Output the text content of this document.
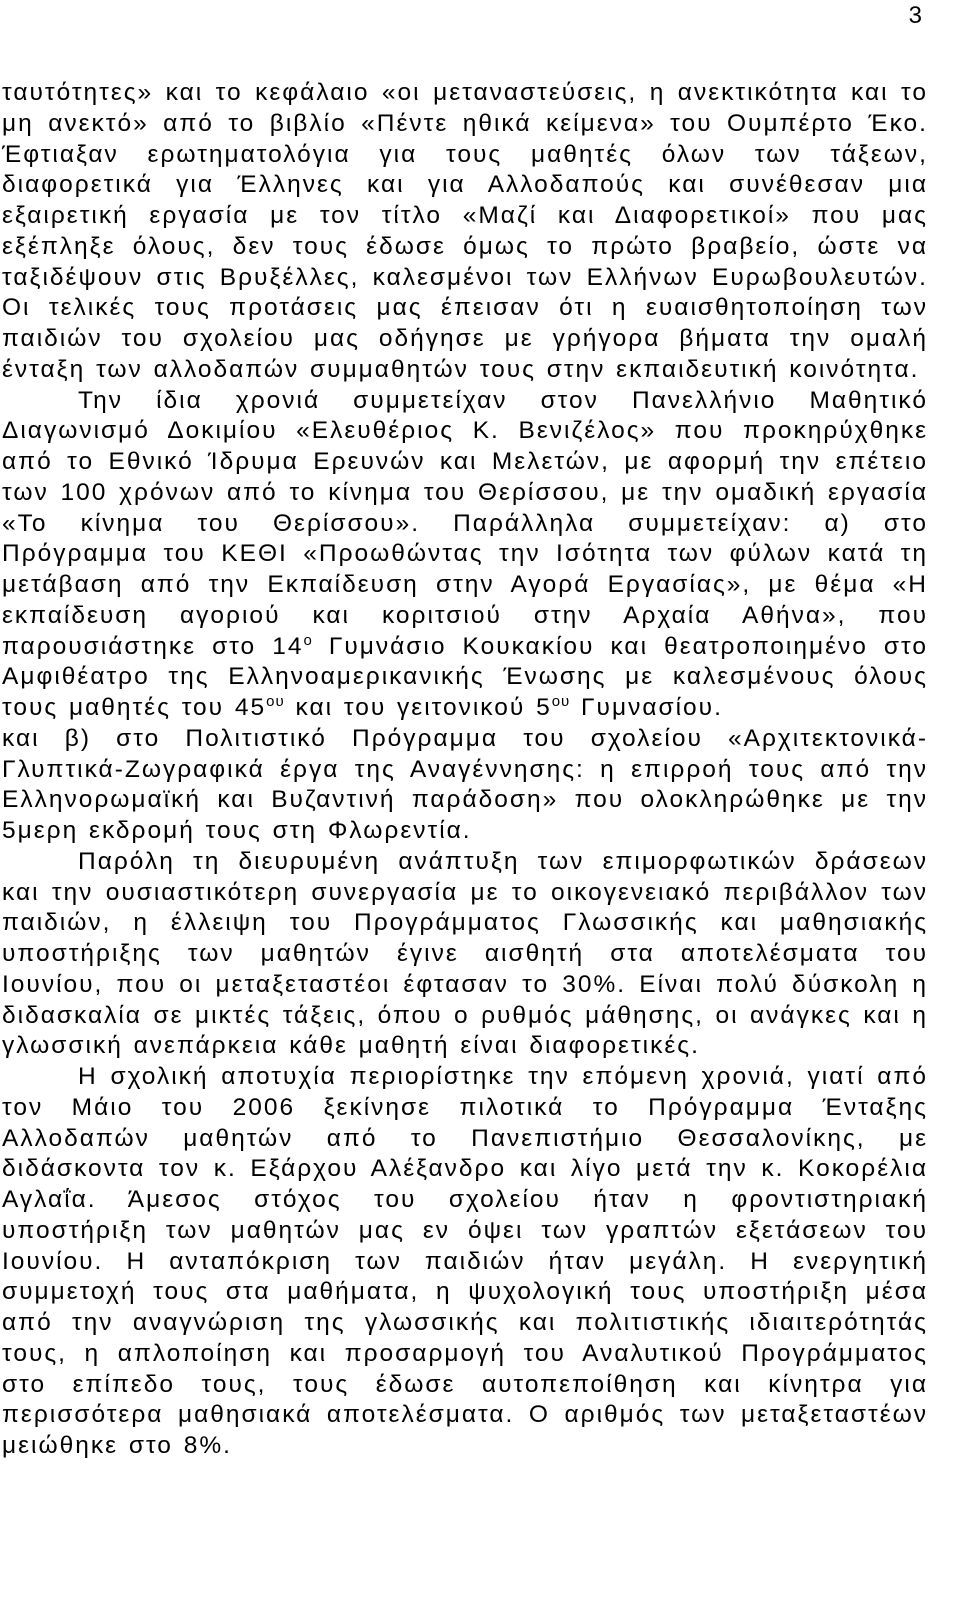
3

ταυτότητες» και το κεφάλαιο «οι μεταναστεύσεις, η ανεκτικότητα και το μη ανεκτό» από το βιβλίο «Πέντε ηθικά κείμενα» του Ουμπέρτο Έκο. Έφτιαξαν ερωτηματολόγια για τους μαθητές όλων των τάξεων, διαφορετικά για Έλληνες και για Αλλοδαπούς και συνέθεσαν μια εξαιρετική εργασία με τον τίτλο «Μαζί και Διαφορετικοί» που μας εξέπληξε όλους, δεν τους έδωσε όμως το πρώτο βραβείο, ώστε να ταξιδέψουν στις Βρυξέλλες, καλεσμένοι των Ελλήνων Ευρωβουλευτών. Οι τελικές τους προτάσεις μας έπεισαν ότι η ευαισθητοποίηση των παιδιών του σχολείου μας οδήγησε με γρήγορα βήματα την ομαλή ένταξη των αλλοδαπών συμμαθητών τους στην εκπαιδευτική κοινότητα.

Την ίδια χρονιά συμμετείχαν στον Πανελλήνιο Μαθητικό Διαγωνισμό Δοκιμίου «Ελευθέριος Κ. Βενιζέλος» που προκηρύχθηκε από το Εθνικό Ίδρυμα Ερευνών και Μελετών, με αφορμή την επέτειο των 100 χρόνων από το κίνημα του Θερίσσου, με την ομαδική εργασία «Το κίνημα του Θερίσσου». Παράλληλα συμμετείχαν: α) στο Πρόγραμμα του ΚΕΘΙ «Προωθώντας την Ισότητα των φύλων κατά τη μετάβαση από την Εκπαίδευση στην Αγορά Εργασίας», με θέμα «Η εκπαίδευση αγοριού και κοριτσιού στην Αρχαία Αθήνα», που παρουσιάστηκε στο $14^o$ Γυμνάσιο Κουκακίου και θεατροποιημένο στο Αμφιθέατρο της Ελληνοαμερικανικής Ένωσης με καλεσμένους όλους τους μαθητές του $45^{o\upsilon}$ και του γειτονικού $5^{o\upsilon}$ Γυμνασίου.

και β) στο Πολιτιστικό Πρόγραμμα του σχολείου «Αρχιτεκτονικά-Γλυπτικά-Ζωγραφικά έργα της Αναγέννησης: η επιρροή τους από την Ελληνορωμαϊκή και Βυζαντινή παράδοση» που ολοκληρώθηκε με την 5μερη εκδρομή τους στη Φλωρεντία.

Παρόλη τη διευρυμένη ανάπτυξη των επιμορφωτικών δράσεων και την ουσιαστικότερη συνεργασία με το οικογενειακό περιβάλλον των παιδιών, η έλλειψη του Προγράμματος Γλωσσικής και μαθησιακής υποστήριξης των μαθητών έγινε αισθητή στα αποτελέσματα του Ιουνίου, που οι μεταξεταστέοι έφτασαν το 30%. Είναι πολύ δύσκολη η διδασκαλία σε μικτές τάξεις, όπου ο ρυθμός μάθησης, οι ανάγκες και η γλωσσική ανεπάρκεια κάθε μαθητή είναι διαφορετικές.

Η σχολική αποτυχία περιορίστηκε την επόμενη χρονιά, γιατί από τον Μάιο του 2006 ξεκίνησε πιλοτικά το Πρόγραμμα Ένταξης Αλλοδαπών μαθητών από το Πανεπιστήμιο Θεσσαλονίκης, με διδάσκοντα τον κ. Εξάρχου Αλέξανδρο και λίγο μετά την κ. Κοκορέλια Αγλαΐα. Άμεσος στόχος του σχολείου ήταν η φροντιστηριακή υποστήριξη των μαθητών μας εν όψει των γραπτών εξετάσεων του Ιουνίου. Η ανταπόκριση των παιδιών ήταν μεγάλη. Η ενεργητική συμμετοχή τους στα μαθήματα, η ψυχολογική τους υποστήριξη μέσα από την αναγνώριση της γλωσσικής και πολιτιστικής ιδιαιτερότητάς τους, η απλοποίηση και προσαρμογή του Αναλυτικού Προγράμματος στο επίπεδο τους, τους έδωσε αυτοπεποίθηση και κίνητρα για περισσότερα μαθησιακά αποτελέσματα. Ο αριθμός των μεταξεταστέων μειώθηκε στο 8%.
